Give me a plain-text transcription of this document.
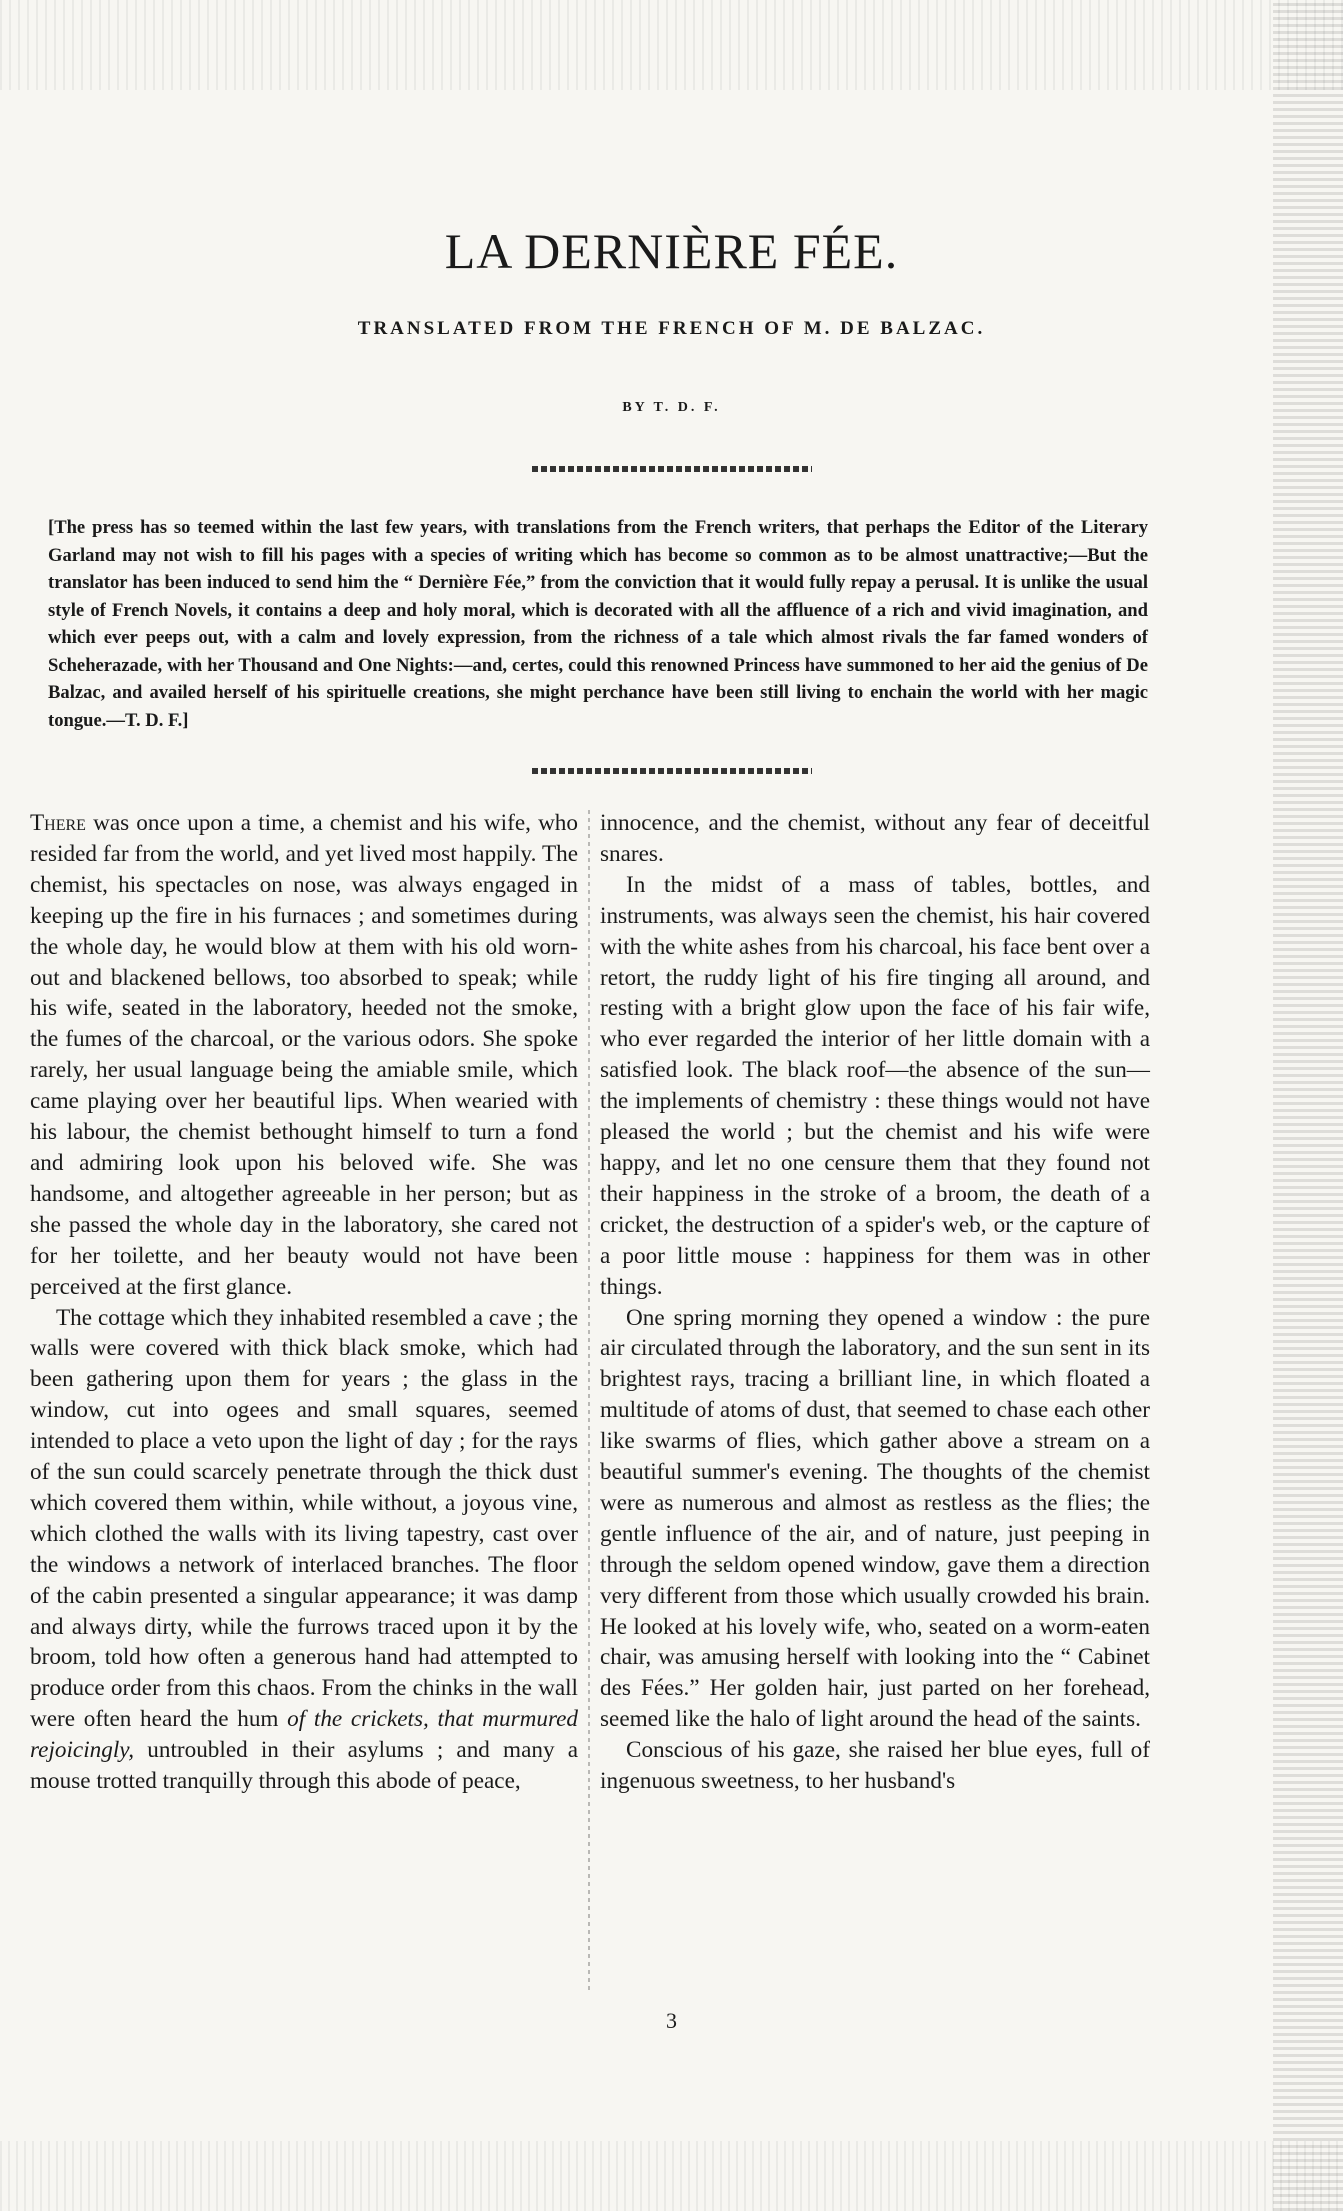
LA DERNIÈRE FÉE.
TRANSLATED FROM THE FRENCH OF M. DE BALZAC.
BY T. D. F.
[The press has so teemed within the last few years, with translations from the French writers, that perhaps the Editor of the Literary Garland may not wish to fill his pages with a species of writing which has become so common as to be almost unattractive;—But the translator has been induced to send him the “ Dernière Fée,” from the conviction that it would fully repay a perusal. It is unlike the usual style of French Novels, it contains a deep and holy moral, which is decorated with all the affluence of a rich and vivid imagination, and which ever peeps out, with a calm and lovely expression, from the richness of a tale which almost rivals the far famed wonders of Scheherazade, with her Thousand and One Nights:—and, certes, could this renowned Princess have summoned to her aid the genius of De Balzac, and availed herself of his spirituelle creations, she might perchance have been still living to enchain the world with her magic tongue.—T. D. F.]

There was once upon a time, a chemist and his wife, who resided far from the world, and yet lived most happily. The chemist, his spectacles on nose, was always engaged in keeping up the fire in his furnaces ; and sometimes during the whole day, he would blow at them with his old worn-out and blackened bellows, too absorbed to speak; while his wife, seated in the laboratory, heeded not the smoke, the fumes of the charcoal, or the various odors. She spoke rarely, her usual language being the amiable smile, which came playing over her beautiful lips. When wearied with his labour, the chemist bethought himself to turn a fond and admiring look upon his beloved wife. She was handsome, and altogether agreeable in her person; but as she passed the whole day in the laboratory, she cared not for her toilette, and her beauty would not have been perceived at the first glance.

The cottage which they inhabited resembled a cave ; the walls were covered with thick black smoke, which had been gathering upon them for years ; the glass in the window, cut into ogees and small squares, seemed intended to place a veto upon the light of day ; for the rays of the sun could scarcely penetrate through the thick dust which covered them within, while without, a joyous vine, which clothed the walls with its living tapestry, cast over the windows a network of interlaced branches. The floor of the cabin presented a singular appearance; it was damp and always dirty, while the furrows traced upon it by the broom, told how often a generous hand had attempted to produce order from this chaos. From the chinks in the wall were often heard the hum of the crickets, that murmured rejoicingly, untroubled in their asylums ; and many a mouse trotted tranquilly through this abode of peace,

innocence, and the chemist, without any fear of deceitful snares.

In the midst of a mass of tables, bottles, and instruments, was always seen the chemist, his hair covered with the white ashes from his charcoal, his face bent over a retort, the ruddy light of his fire tinging all around, and resting with a bright glow upon the face of his fair wife, who ever regarded the interior of her little domain with a satisfied look. The black roof—the absence of the sun—the implements of chemistry : these things would not have pleased the world ; but the chemist and his wife were happy, and let no one censure them that they found not their happiness in the stroke of a broom, the death of a cricket, the destruction of a spider's web, or the capture of a poor little mouse : happiness for them was in other things.

One spring morning they opened a window : the pure air circulated through the laboratory, and the sun sent in its brightest rays, tracing a brilliant line, in which floated a multitude of atoms of dust, that seemed to chase each other like swarms of flies, which gather above a stream on a beautiful summer's evening. The thoughts of the chemist were as numerous and almost as restless as the flies; the gentle influence of the air, and of nature, just peeping in through the seldom opened window, gave them a direction very different from those which usually crowded his brain. He looked at his lovely wife, who, seated on a worm-eaten chair, was amusing herself with looking into the “ Cabinet des Fées.” Her golden hair, just parted on her forehead, seemed like the halo of light around the head of the saints.

Conscious of his gaze, she raised her blue eyes, full of ingenuous sweetness, to her husband's

3
